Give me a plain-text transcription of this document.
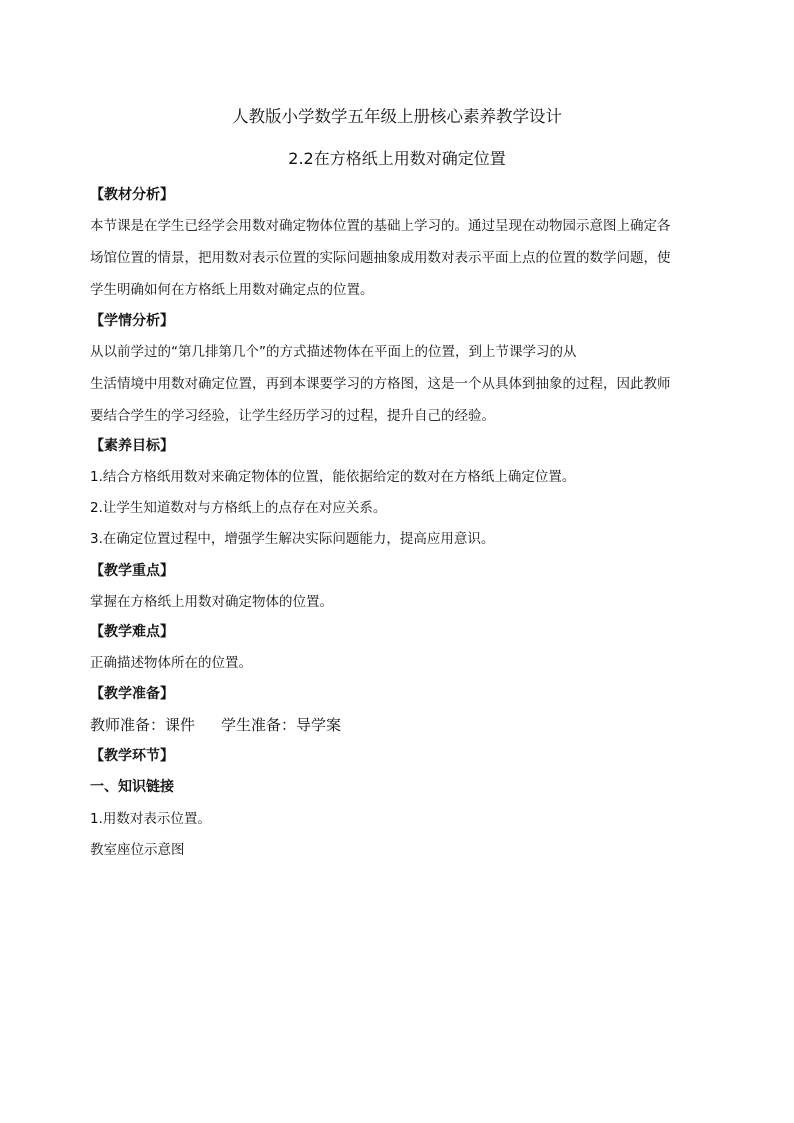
人教版小学数学五年级上册核心素养教学设计
2.2在方格纸上用数对确定位置
【教材分析】
本节课是在学生已经学会用数对确定物体位置的基础上学习的。通过呈现在动物园示意图上确定各
场馆位置的情景，把用数对表示位置的实际问题抽象成用数对表示平面上点的位置的数学问题，使
学生明确如何在方格纸上用数对确定点的位置。
【学情分析】
从以前学过的“第几排第几个”的方式描述物体在平面上的位置，到上节课学习的从
生活情境中用数对确定位置，再到本课要学习的方格图，这是一个从具体到抽象的过程，因此教师
要结合学生的学习经验，让学生经历学习的过程，提升自己的经验。
【素养目标】
1.结合方格纸用数对来确定物体的位置，能依据给定的数对在方格纸上确定位置。
2.让学生知道数对与方格纸上的点存在对应关系。
3.在确定位置过程中，增强学生解决实际问题能力，提高应用意识。
【教学重点】
掌握在方格纸上用数对确定物体的位置。
【教学难点】
正确描述物体所在的位置。
【教学准备】
教师准备：课件 学生准备：导学案
【教学环节】
一、知识链接
1.用数对表示位置。
教室座位示意图
